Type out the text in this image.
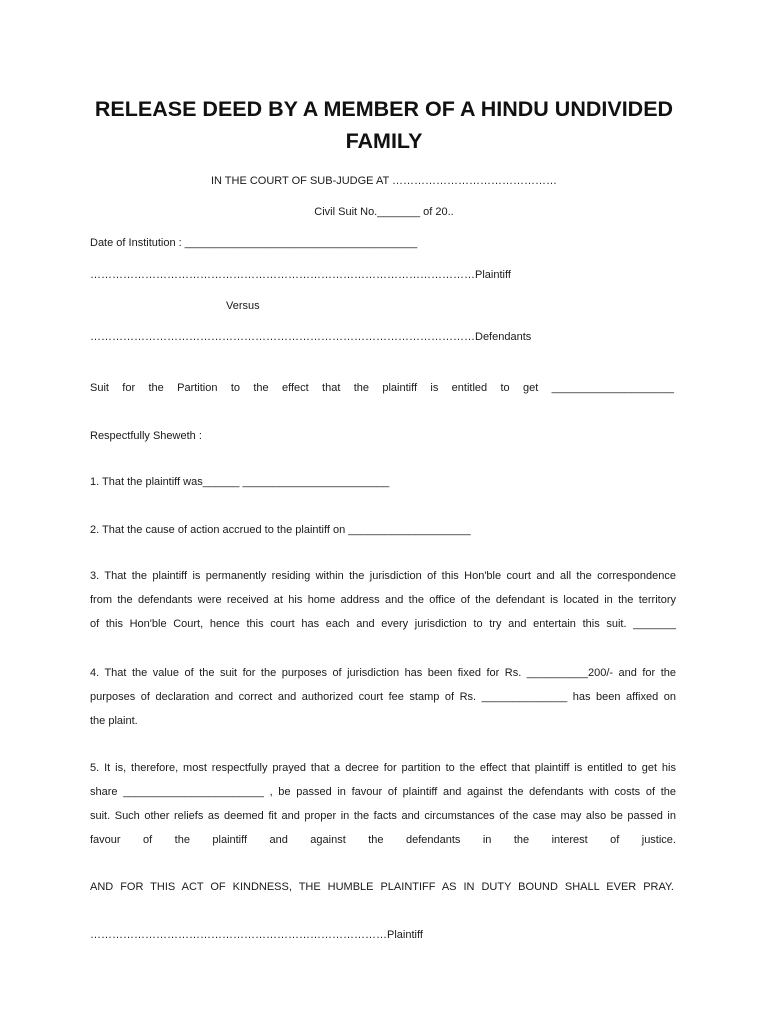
RELEASE DEED BY A MEMBER OF A HINDU UNDIVIDED FAMILY
IN THE COURT OF SUB-JUDGE AT ………………………………………
Civil Suit No._______ of 20..
Date of Institution : ______________________________________
……………………………………………………………………………………………Plaintiff
Versus
……………………………………………………………………………………………Defendants
Suit for the Partition to the effect that the plaintiff is entitled to get ____________________
Respectfully Sheweth :
1. That the plaintiff was______ ________________________
2. That the cause of action accrued to the plaintiff on ____________________
3. That the plaintiff is permanently residing within the jurisdiction of this Hon'ble court and all the correspondence
from the defendants were received at his home address and the office of the defendant is located in the territory
of this Hon'ble Court, hence this court has each and every jurisdiction to try and entertain this suit. _______
4. That the value of the suit for the purposes of jurisdiction has been fixed for Rs. __________200/- and for the
purposes of declaration and correct and authorized court fee stamp of Rs. ______________ has been affixed on
the plaint.
5. It is, therefore, most respectfully prayed that a decree for partition to the effect that plaintiff is entitled to get his
share _______________________ , be passed in favour of plaintiff and against the defendants with costs of the
suit. Such other reliefs as deemed fit and proper in the facts and circumstances of the case may also be passed in
favour of the plaintiff and against the defendants in the interest of justice.
AND FOR THIS ACT OF KINDNESS, THE HUMBLE PLAINTIFF AS IN DUTY BOUND SHALL EVER PRAY.
………………………………………………………………………Plaintiff
